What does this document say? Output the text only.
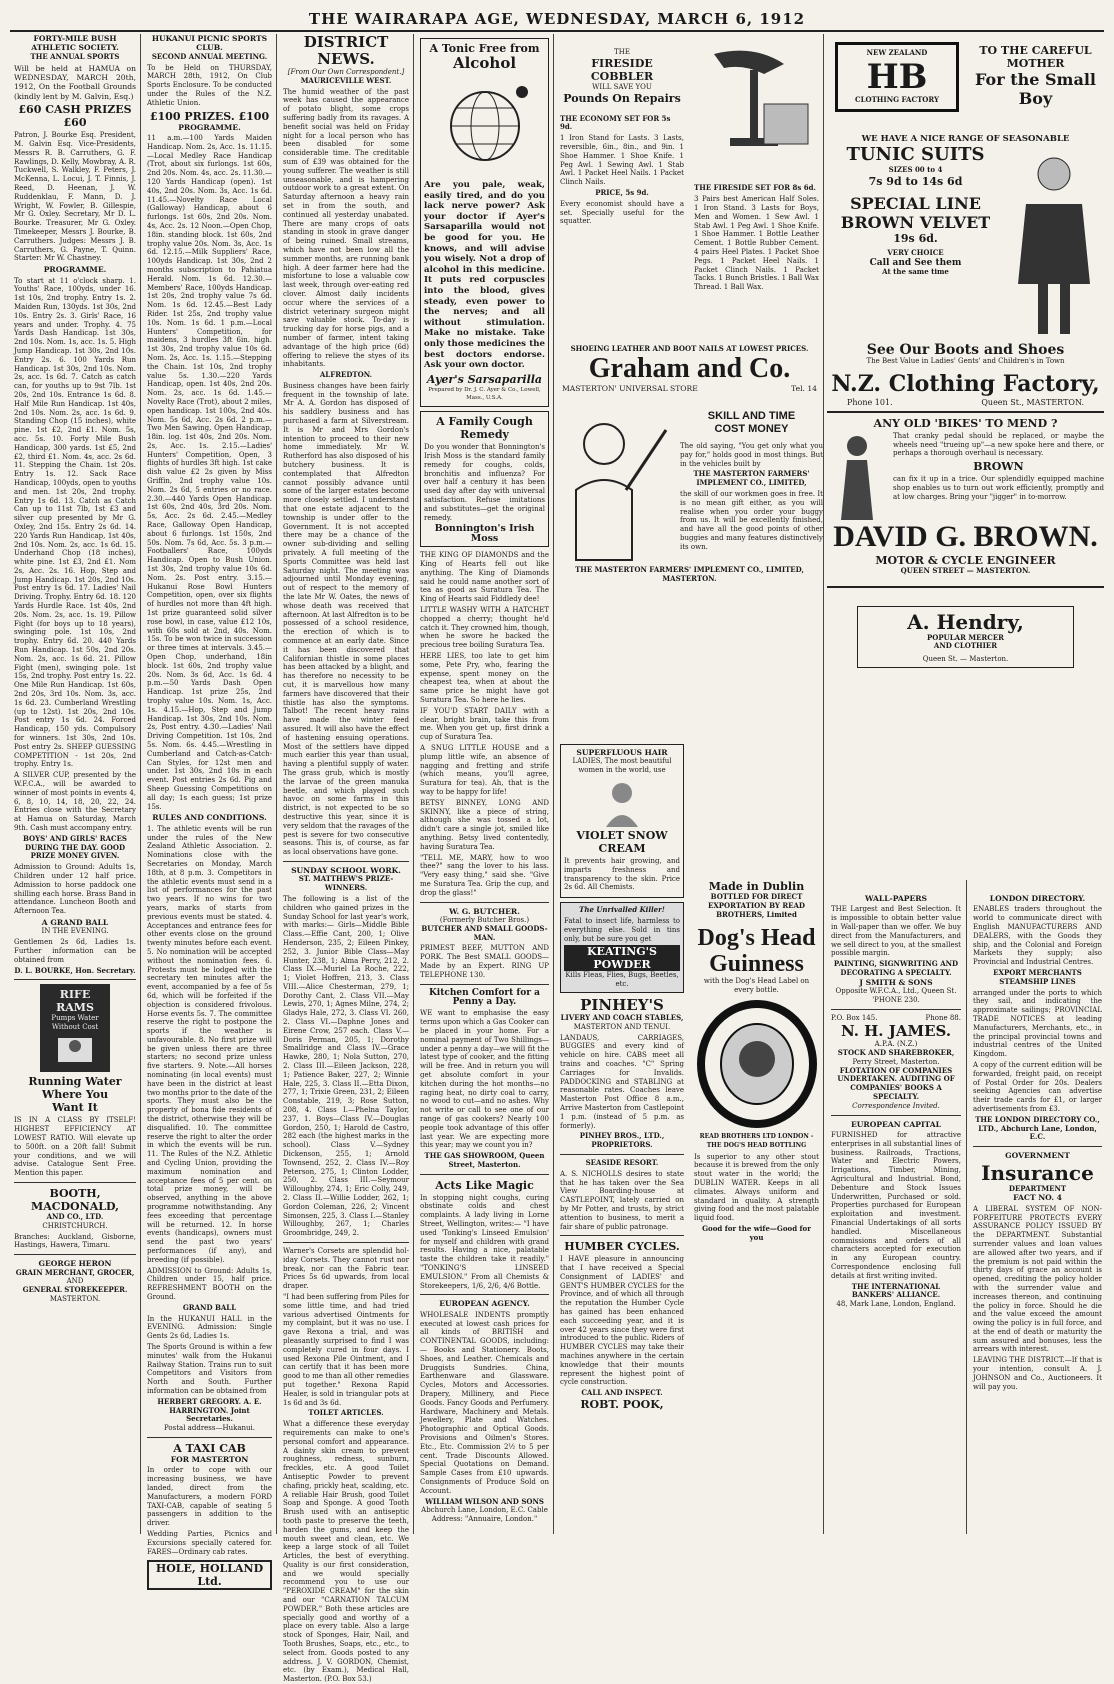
THE WAIRARAPA AGE, WEDNESDAY, MARCH 6, 1912
FORTY-MILE BUSH ATHLETIC SOCIETY.
THE ANNUAL SPORTS
Will be held at HAMUA on WEDNESDAY, MARCH 20th, 1912, On the Football Grounds (kindly lent by M. Galvin, Esq.)
£60 CASH PRIZES £60
Patron, J. Bourke Esq. President, M. Galvin Esq. Vice-Presidents, Messrs R. B. Carruthers, G. F. Rawlings, D. Kelly, Mowbray, A. R. Tuckwell, S. Walkley, F. Peters, J. McKenna, L. Locui, J. T. Finnis, J. Reed, D. Heenan, J. W. Ruddenklau, F. Mann, D. J. Wright, W. Fowler, B. Gillespie, Mr G. Oxley. Secretary, Mr D. L. Bourke. Treasurer, Mr G. Oxley. Timekeeper, Messrs J. Bourke, B. Carruthers. Judges: Messrs J. B. Carruthers, G. Payne, T. Quinn. Starter: Mr W. Chastney.
PROGRAMME.
To start at 11 o'clock sharp. 1. Youths' Race, 100yds, under 16. 1st 10s, 2nd trophy. Entry 1s. 2. Maiden Run, 130yds. 1st 30s, 2nd 10s. Entry 2s. 3. Girls' Race, 16 years and under. Trophy. 4. 75 Yards Dash Handicap. 1st 30s, 2nd 10s. Nom. 1s, acc. 1s. 5. High Jump Handicap. 1st 30s, 2nd 10s. Entry 2s. 6. 100 Yards Run Handicap. 1st 30s, 2nd 10s. Nom. 2s, acc. 1s 6d. 7. Catch as catch can, for youths up to 9st 7lb. 1st 20s, 2nd 10s. Entrance 1s 6d. 8. Half Mile Run Handicap. 1st 40s, 2nd 10s. Nom. 2s, acc. 1s 6d. 9. Standing Chop (15 inches), white pine. 1st £2, 2nd £1. Nom. 5s, acc. 5s. 10. Forty Mile Bush Handicap, 300 yards. 1st £5, 2nd £2, third £1. Nom. 4s, acc. 2s 6d. 11. Stepping the Chain. 1st 20s. Entry 1s. 12. Sack Race Handicap, 100yds, open to youths and men. 1st 20s, 2nd trophy. Entry 1s 6d. 13. Catch as Catch Can up to 11st 7lb, 1st £3 and silver cup presented by Mr G. Oxley, 2nd 15s. Entry 2s 6d. 14. 220 Yards Run Handicap, 1st 40s, 2nd 10s. Nom. 2s, acc. 1s 6d. 15. Underhand Chop (18 inches), white pine. 1st £3, 2nd £1. Nom 2s, Acc. 2s. 16. Hop, Step and Jump Handicap. 1st 20s, 2nd 10s. Post entry 1s 6d. 17. Ladies' Nail Driving. Trophy. Entry 6d. 18. 120 Yards Hurdle Race. 1st 40s, 2nd 20s. Nom. 2s, acc. 1s. 19. Pillow Fight (for boys up to 18 years), swinging pole. 1st 10s, 2nd trophy. Entry 6d. 20. 440 Yards Run Handicap. 1st 50s, 2nd 20s. Nom. 2s, acc. 1s 6d. 21. Pillow Fight (men), swinging pole. 1st 15s, 2nd trophy. Post entry 1s. 22. One Mile Run Handicap. 1st 60s, 2nd 20s, 3rd 10s. Nom. 3s, acc. 1s 6d. 23. Cumberland Wrestling (up to 12st). 1st 20s, 2nd 10s. Post entry 1s 6d. 24. Forced Handicap, 150 yds. Compulsory for winners. 1st 30s, 2nd 10s. Post entry 2s. SHEEP GUESSING COMPETITION - 1st 20s, 2nd trophy. Entry 1s.
A SILVER CUP, presented by the W.F.C.A., will be awarded to winner of most points in events 4, 6, 8, 10, 14, 18, 20, 22, 24. Entries close with the Secretary at Hamua on Saturday, March 9th. Cash must accompany entry.
BOYS' AND GIRLS' RACES DURING THE DAY. GOOD PRIZE MONEY GIVEN.
Admission to Ground: Adults 1s, Children under 12 half price. Admission to horse paddock one shilling each horse. Brass Band in attendance. Luncheon Booth and Afternoon Tea.
A GRAND BALL
IN THE EVENING.
Gentlemen 2s 6d, Ladies 1s. Further information can be obtained from
D. L. BOURKE, Hon. Secretary.
RIFE RAMS
Pumps Water Without Cost
Running Water
Where You
Want It
IS IN A CLASS BY ITSELF! HIGHEST EFFICIENCY AT LOWEST RATIO. Will elevate up to 500ft. on a 20ft fall! Submit your conditions, and we will advise. Catalogue Sent Free. Mention this paper.
BOOTH, MACDONALD,
AND CO., LTD.
CHRISTCHURCH.
Branches: Auckland, Gisborne, Hastings, Hawera, Timaru.
GEORGE HERON
GRAIN MERCHANT, GROCER,
AND
GENERAL STOREKEEPER.
MASTERTON.
HUKANUI PICNIC SPORTS CLUB.
SECOND ANNUAL MEETING.
To be Held on THURSDAY, MARCH 28th, 1912, On Club Sports Enclosure. To be conducted under the Rules of the N.Z. Athletic Union.
£100 PRIZES. £100
PROGRAMME.
11 a.m.—100 Yards Maiden Handicap. Nom. 2s, Acc. 1s. 11.15.—Local Medley Race Handicap (Trot, about six furlongs. 1st 60s, 2nd 20s. Nom. 4s, acc. 2s. 11.30.—120 Yards Handicap (open). 1st 40s, 2nd 20s. Nom. 3s, Acc. 1s 6d. 11.45.—Novelty Race Local (Galloway) Handicap, about 6 furlongs. 1st 60s, 2nd 20s. Nom. 4s, Acc. 2s. 12 Noon.—Open Chop, 18in. standing block. 1st 60s, 2nd trophy value 20s. Nom. 3s, Acc. 1s 6d. 12.15.—Milk Suppliers' Race, 100yds Handicap. 1st 30s, 2nd 2 months subscription to Pahiatua Herald. Nom. 1s 6d. 12.30.—Members' Race, 100yds Handicap. 1st 20s, 2nd trophy value 7s 6d. Nom. 1s 6d. 12.45.—Best Lady Rider. 1st 25s, 2nd trophy value 10s. Nom. 1s 6d. 1 p.m.—Local Hunters' Competition, for maidens, 3 hurdles 3ft 6in. high. 1st 30s, 2nd trophy value 10s 6d. Nom. 2s, Acc. 1s. 1.15.—Stepping the Chain. 1st 10s, 2nd trophy value 5s. 1.30.—220 Yards Handicap, open. 1st 40s, 2nd 20s. Nom. 2s, acc. 1s 6d. 1.45.—Novelty Race (Trot), about 2 miles, open handicap. 1st 100s, 2nd 40s. Nom. 5s 6d, Acc. 2s 6d. 2 p.m.—Two Men Sawing, Open Handicap, 18in. log. 1st 40s, 2nd 20s. Nom. 2s, Acc. 1s. 2.15.—Ladies' Hunters' Competition, Open, 3 flights of hurdles 3ft high. 1st cake dish value £2 2s given by Miss Griffin, 2nd trophy value 10s. Nom. 2s 6d, 5 entries or no race. 2.30.—440 Yards Open Handicap. 1st 60s, 2nd 40s, 3rd 20s. Nom. 5s, Acc. 2s 6d. 2.45.—Medley Race, Galloway Open Handicap, about 6 furlongs. 1st 150s, 2nd 50s. Nom. 7s 6d, Acc. 5s. 3 p.m.—Footballers' Race, 100yds Handicap. Open to Bush Union. 1st 30s, 2nd trophy value 10s 6d. Nom. 2s. Post entry. 3.15.—Hukanui Rose Bowl Hunters Competition, open, over six flights of hurdles not more than 4ft high. 1st prize guaranteed solid silver rose bowl, in case, value £12 10s, with 60s sold at 2nd, 40s. Nom. 15s. To be won twice in succession or three times at intervals. 3.45.—Open Chop, underhand, 18in block. 1st 60s, 2nd trophy value 20s. Nom. 3s 6d, Acc. 1s 6d. 4 p.m.—50 Yards Dash Open Handicap. 1st prize 25s, 2nd trophy value 10s. Nom. 1s, Acc. 1s. 4.15.—Hop, Step and Jump Handicap. 1st 30s, 2nd 10s. Nom. 2s, Post entry. 4.30.—Ladies' Nail Driving Competition. 1st 10s, 2nd 5s. Nom. 6s. 4.45.—Wrestling in Cumberland and Catch-as-Catch-Can Styles, for 12st men and under. 1st 30s, 2nd 10s in each event. Post entries 2s 6d. Pig and Sheep Guessing Competitions on all day; 1s each guess; 1st prize 15s.
RULES AND CONDITIONS.
1. The athletic events will be run under the rules of the New Zealand Athletic Association. 2. Nominations close with the Secretaries on Monday, March 18th, at 8 p.m. 3. Competitors in the athletic events must send in a list of performances for the past two years. If no wins for two years, marks of starts from previous events must be stated. 4. Acceptances and entrance fees for other events close on the ground twenty minutes before each event. 5. No nomination will be accepted without the nomination fees. 6. Protests must be lodged with the secretary ten minutes after the event, accompanied by a fee of 5s 6d, which will be forfeited if the objection is considered frivolous. Horse events 5s. 7. The committee reserve the right to postpone the sports if the weather is unfavourable. 8. No first prize will be given unless there are three starters; no second prize unless five starters. 9. Note.—All horses nominating (in local events) must have been in the district at least two months prior to the date of the sports. They must also be the property of bona fide residents of the district, otherwise they will be disqualified. 10. The committee reserve the right to alter the order in which the events will be run. 11. The Rules of the N.Z. Athletic and Cycling Union, providing the maximum nomination and acceptance fees of 5 per cent. on total prize money, will be observed, anything in the above programme notwithstanding. Any fees exceeding that percentage will be returned. 12. In horse events (handicaps), owners must send the past two years' performances (if any), and breeding (if possible).
ADMISSION to Ground: Adults 1s, Children under 15, half price. REFRESHMENT BOOTH on the Ground.
GRAND BALL
In the HUKANUI HALL in the EVENING. Admission: Single Gents 2s 6d, Ladies 1s.
The Sports Ground is within a few minutes' walk from the Hukanui Railway Station. Trains run to suit Competitors and Visitors from North and South. Further information can be obtained from
HERBERT GREGORY. A. E. HARRINGTON. Joint Secretaries.
Postal address—Hukanui.
A TAXI CAB
FOR MASTERTON
In order to cope with our increasing business, we have landed, direct from the Manufacturers, a modern FORD TAXI-CAB, capable of seating 5 passengers in addition to the driver.
Wedding Parties, Picnics and Excursions specially catered for. FARES—Ordinary cab rates.
HOLE, HOLLAND Ltd.
DISTRICT NEWS.
[From Our Own Correspondent.]
MAURICEVILLE WEST.
The humid weather of the past week has caused the appearance of potato blight, some crops suffering badly from its ravages. A benefit social was held on Friday night for a local person who has been disabled for some considerable time. The creditable sum of £39 was obtained for the young sufferer. The weather is still unseasonable, and is hampering outdoor work to a great extent. On Saturday afternoon a heavy rain set in from the south, and continued all yesterday unabated. There are many crops of oats standing in stook in grave danger of being ruined. Small streams, which have not been low all the summer months, are running bank high. A deer farmer here had the misfortune to lose a valuable cow last week, through over-eating red clover. Almost daily incidents occur where the services of a district veterinary surgeon might save valuable stock. To-day is trucking day for horse pigs, and a number of farmer, intent taking advantage of the high price (6d) offering to relieve the styes of its inhabitants.
ALFREDTON.
Business changes have been fairly frequent in the township of late. Mr A. A. Gordon has disposed of his saddlery business and has purchased a farm at Silverstream. It is Mr and Mrs Gordon's intention to proceed to their new home immediately. Mr W. Rutherford has also disposed of his butchery business. It is contemplated that Alfredton cannot possibly advance until some of the larger estates become more closely settled. I understand that one estate adjacent to the township is under offer to the Government. It is not accepted there may be a chance of the owner sub-dividing and selling privately. A full meeting of the Sports Committee was held last Saturday night. The meeting was adjourned until Monday evening, out of respect to the memory of the late Mr W. Oates, the news of whose death was received that afternoon. At last Alfredton is to be possessed of a school residence, the erection of which is to commence at an early date. Since it has been discovered that Californian thistle in some places has been attacked by a blight, and has therefore no necessity to be cut, it is marvellous how many farmers have discovered that their thistle has also the symptoms. Talbot! The recent heavy rains have made the winter feed assured. It will also have the effect of hastening ensuing operations. Most of the settlers have dipped much earlier this year than usual, having a plentiful supply of water. The grass grub, which is mostly the larvae of the green manuka beetle, and which played such havoc on some farms in this district, is not expected to be so destructive this year, since it is very seldom that the ravages of the pest is severe for two consecutive seasons. This is, of course, as far as local observations have gone.
SUNDAY SCHOOL WORK.
ST. MATTHEW'S PRIZE-WINNERS.
The following is a list of the children who gained prizes in the Sunday School for last year's work, with marks:— Girls—Middle Bible Class.—Effie Cant, 200, 1; Olive Henderson, 235, 2; Eileen Pinkey, 252, 3. Junior Bible Class—May Hunter, 238, 1; Alma Perry, 212, 2. Class IX.—Muriel La Roche, 222, 1; Violet Hoffren, 213, 3. Class VIII.—Alice Chesterman, 279, 1; Dorothy Cant, 2. Class VII.—May Lewis, 270, 1; Agnes Milne, 274, 2; Gladys Hale, 272, 3. Class VI. 260, 2. Class VI.—Daphne Jones and Eirene Crow, 257 each. Class V.—Doris Perman, 205, 1; Dorothy Smallridge and Class IV.—Grace Hawke, 280, 1; Nola Sutton, 270, 2. Class III.—Eileen Jackson, 228, 1; Patience Baker, 227, 2; Winnie Hale, 225, 3. Class II.—Etta Dixon, 277, 1; Trixie Green, 231, 2; Eileen Constable, 219, 3; Rose Sutton, 208, 4. Class I.—Phelna Taylor, 237, 1. Boys—Class IV.—Douglas Gordon, 250, 1; Harold de Castro, 282 each (the highest marks in the school). Class V.—Sydney Dickenson, 255, 1; Arnold Townsend, 252, 2. Class IV.—Roy Peterson, 275, 1; Clinton Lodder, 250, 2. Class III.—Seymour Willoughby, 274, 1; Eric Colly, 249, 2. Class II.—Willie Lodder, 262, 1; Gordon Coleman, 226, 2; Vincent Simonsen, 225, 3. Class I.—Stanley Willoughby, 267, 1; Charles Groombridge, 249, 2.
Warner's Corsets are splendid hol-iday Corsets. They cannot rust nor break, nor can the Fabric tear. Prices 5s 6d upwards, from local draper.
"I had been suffering from Piles for some little time, and had tried various advertised Ointments for my complaint, but it was no use. I gave Rexona a trial, and was pleasantly surprised to find I was completely cured in four days. I used Rexona Pile Ointment, and I can certify that it has been more good to me than all other remedies put together." Rexona Rapid Healer, is sold in triangular pots at 1s 6d and 3s 6d.
TOILET ARTICLES.
What a difference these everyday requirements can make to one's personal comfort and appearance. A dainty skin cream to prevent roughness, redness, sunburn, freckles, etc. A good Toilet Antiseptic Powder to prevent chafing, prickly heat, scalding, etc. A reliable Hair Brush, good Toilet Soap and Sponge. A good Tooth Brush used with an antiseptic tooth paste to preserve the teeth, harden the gums, and keep the mouth sweet and clean, etc. We keep a large stock of all Toilet Articles, the best of everything. Quality is our first consideration, and we would specially recommend you to use our "PEROXIDE CREAM" for the skin and our "CARNATION TALCUM POWDER." Both these articles are specially good and worthy of a place on every table. Also a large stock of Sponges, Hair, Nail, and Tooth Brushes, Soaps, etc., etc., to select from. Goods posted to any address. J. V. GORDON, Chemist, etc. (by Exam.), Medical Hall, Masterton. (P.O. Box 53.)
A Tonic Free from
Alcohol
Are you pale, weak, easily tired, and do you lack nerve power? Ask your doctor if Ayer's Sarsaparilla would not be good for you. He knows, and will advise you wisely. Not a drop of alcohol in this medicine. It puts red corpuscles into the blood, gives steady, even power to the nerves; and all without stimulation. Make no mistake. Take only those medicines the best doctors endorse. Ask your own doctor.
Ayer's Sarsaparilla
Prepared by Dr. J. C. Ayer & Co., Lowell, Mass., U.S.A.
A Family Cough Remedy
Do you wonder that Bonnington's Irish Moss is the standard family remedy for coughs, colds, bronchitis and influenza? For over half a century it has been used day after day with universal satisfaction. Refuse imitations and substitutes—get the original remedy.
Bonnington's Irish Moss
THE KING OF DIAMONDS and the King of Hearts fell out like anything. The King of Diamonds said he could name another sort of tea as good as Suratura Tea. The King of Hearts said Fiddledy dee!
LITTLE WASHY WITH A HATCHET chopped a cherry; thought he'd catch it. They crowned him, though, when he swore he backed the precious tree boiling Suratura Tea.
HERE LIES, too late to get him some, Pete Pry, who, fearing the expense, spent money on the cheapest tea, when at about the same price he might have got Suratura Tea. So here he lies.
IF YOU'D START DAILY with a clear, bright brain, take this from me. When you get up, first drink a cup of Suratura Tea.
A SNUG LITTLE HOUSE and a plump little wife, an absence of nagging and fretting and strife (which means, you'll agree, Suratura for tea). Ah, that is the way to be happy for life!
BETSY BINNEY, LONG AND SKINNY, like a piece of string, although she was tossed a lot, didn't care a single jot, smiled like anything. Betsy lived contentedly, having Suratura Tea.
"TELL ME, MARY, how to woo thee?" sang the lover to his lass. "Very easy thing," said she. "Give me Suratura Tea. Grip the cup, and drop the glass!"
W. G. BUTCHER.
(Formerly Butcher Bros.)
BUTCHER AND SMALL GOODS-MAN.
PRIMEST BEEF, MUTTON AND PORK. The Best SMALL GOODS—Made by an Expert. RING UP TELEPHONE 130.
Kitchen Comfort for a Penny a Day.
WE want to emphasise the easy terms upon which a Gas Cooker can be placed in your home. For a nominal payment of Two Shillings—under a penny a day—we will fit the latest type of cooker, and the fitting will be free. And in return you will get absolute comfort in your kitchen during the hot months—no raging heat, no dirty coal to carry, no wood to cut—and no ashes. Why not write or call to see one of our range of gas cookers? Nearly 100 people took advantage of this offer last year. We are expecting more this year; may we count you in?
THE GAS SHOWROOM, Queen Street, Masterton.
Acts Like Magic
In stopping night coughs, curing obstinate colds and chest complaints. A lady living in Lorne Street, Wellington, writes:— "I have used 'Tonking's Linseed Emulsion' for myself and children with grand results. Having a nice, palatable taste the children take it readily." "TONKING'S LINSEED EMULSION." From all Chemists & Storekeepers, 1/6, 2/6, 4/6 Bottle.
EUROPEAN AGENCY.
WHOLESALE INDENTS promptly executed at lowest cash prices for all kinds of BRITISH and CONTINENTAL GOODS, including:— Books and Stationery. Boots, Shoes, and Leather. Chemicals and Druggists Sundries. China, Earthenware and Glassware. Cycles, Motors and Accessories. Drapery, Millinery, and Piece Goods. Fancy Goods and Perfumery. Hardware, Machinery and Metals. Jewellery, Plate and Watches. Photographic and Optical Goods. Provisions and Oilmen's Stores. Etc., Etc. Commission 2½ to 5 per cent. Trade Discounts Allowed. Special Quotations on Demand. Sample Cases from £10 upwards. Consignments of Produce Sold on Account.
WILLIAM WILSON AND SONS
Abchurch Lane, London, E.C. Cable Address: "Annuaire, London."
THE
FIRESIDE
COBBLER
WILL SAVE YOU
Pounds On Repairs
THE ECONOMY SET FOR 5s 9d.
1 Iron Stand for Lasts. 3 Lasts, reversible, 6in., 8in., and 9in. 1 Shoe Hammer. 1 Shoe Knife. 1 Peg Awl. 1 Sewing Awl. 1 Stab Awl. 1 Packet Heel Nails. 1 Packet Clinch Nails.
PRICE, 5s 9d.
Every economist should have a set. Specially useful for the squatter.
SHOEING LEATHER AND BOOT NAILS AT LOWEST PRICES.
Graham and Co.
MASTERTON' UNIVERSAL STORE	Tel. 14
THE FIRESIDE SET FOR 8s 6d.
3 Pairs best American Half Soles. 1 Iron Stand. 3 Lasts for Boys, Men and Women. 1 Sew Awl. 1 Stab Awl. 1 Peg Awl. 1 Shoe Knife. 1 Shoe Hammer. 1 Bottle Leather Cement. 1 Bottle Rubber Cement. 4 pairs Heel Plates. 1 Packet Shoe Pegs. 1 Packet Heel Nails. 1 Packet Clinch Nails. 1 Packet Tacks. 1 Bunch Bristles. 1 Ball Wax Thread. 1 Ball Wax.
SKILL AND TIME
COST MONEY
The old saying, "You get only what you pay for," holds good in most things. But in the vehicles built by
THE MASTERTON FARMERS' IMPLEMENT CO., LIMITED,
the skill of our workmen goes in free. It is no mean gift either, as you will realise when you order your buggy from us. It will be excellently finished, and have all the good points of other buggies and many features distinctively its own.
THE MASTERTON FARMERS' IMPLEMENT CO., LIMITED, MASTERTON.
SUPERFLUOUS HAIR
LADIES, The most beautiful women in the world, use
VIOLET SNOW CREAM
It prevents hair growing, and imparts freshness and transparency to the skin. Price 2s 6d. All Chemists.
The Unrivalled Killer!
Fatal to insect life, harmless to everything else. Sold in tins only, but be sure you get
KEATING'S POWDER
Kills Fleas, Flies, Bugs, Beetles, etc.
PINHEY'S
LIVERY AND COACH STABLES,
MASTERTON AND TENUI.
LANDAUS, CARRIAGES, BUGGIES and every kind of vehicle on hire. CABS meet all trains and coaches. "C" Spring Carriages for Invalids. PADDOCKING and STABLING at reasonable rates. Coaches leave Masterton Post Office 8 a.m., Arrive Masterton from Castlepoint 1 p.m. (instead of 5 p.m. as formerly).
PINHEY BROS., LTD., PROPRIETORS.
SEASIDE RESORT.
A. S. NICHOLLS desires to state that he has taken over the Sea View Boarding-house at CASTLEPOINT, lately carried on by Mr Potter, and trusts, by strict attention to business, to merit a fair share of public patronage.
HUMBER CYCLES.
I HAVE pleasure in announcing that I have received a Special Consignment of LADIES' and GENT'S HUMBER CYCLES for the Province, and of which all through the reputation the Humber Cycle has gained has been enhanced each succeeding year, and it is over 42 years since they were first introduced to the public. Riders of HUMBER CYCLES may take their machines anywhere in the certain knowledge that their mounts represent the highest point of cycle construction.
CALL AND INSPECT.
ROBT. POOK,
Made in Dublin
BOTTLED FOR DIRECT EXPORTATION BY READ BROTHERS, Limited
Dog's Head
Guinness
with the Dog's Head Label on every bottle.
READ BROTHERS LTD LONDON - THE DOG'S HEAD BOTTLING
Is superior to any other stout because it is brewed from the only stout water in the world; the DUBLIN WATER. Keeps in all climates. Always uniform and standard in quality. A strength giving food and the most palatable liquid food.
Good for the wife—Good for you
NEW ZEALAND
HB
CLOTHING FACTORY
TO THE CAREFUL
MOTHER
For the Small Boy
WE HAVE A NICE RANGE OF SEASONABLE
TUNIC SUITS
SIZES 00 to 4
7s 9d to 14s 6d
SPECIAL LINE
BROWN VELVET
19s 6d.
VERY CHOICE
Call and See them
At the same time
See Our Boots and Shoes
The Best Value in Ladies' Gents' and Children's in Town
N.Z. Clothing Factory,
Phone 101.	Queen St., MASTERTON.
ANY OLD 'BIKES' TO MEND ?
That cranky pedal should be replaced, or maybe the wheels need "trueing up"—a new spoke here and there, or perhaps a thorough overhaul is necessary.
BROWN
can fix it up in a trice. Our splendidly equipped machine shop enables us to turn out work efficiently, promptly and at low charges. Bring your "jigger" in to-morrow.
DAVID G. BROWN.
MOTOR & CYCLE ENGINEER
QUEEN STREET — MASTERTON.
A. Hendry,
POPULAR MERCER
AND CLOTHIER
Queen St. — Masterton.
WALL-PAPERS
THE Largest and Best Selection. It is impossible to obtain better value in Wall-paper than we offer. We buy direct from the Manufacturers, and we sell direct to you, at the smallest possible margin.
PAINTING, SIGNWRITING AND DECORATING A SPECIALTY.
J SMITH & SONS
Opposite W.F.C.A., Ltd., Queen St. 'PHONE 230.
P.O. Box 145.	Phone 88.
N. H. JAMES.
A.P.A. (N.Z.)
STOCK AND SHAREBROKER,
Perry Street, Masterton.
FLOTATION OF COMPANIES UNDERTAKEN. AUDITING OF COMPANIES' BOOKS A SPECIALTY.
Correspondence Invited.
EUROPEAN CAPITAL
FURNISHED for attractive enterprises in all substantial lines of business. Railroads, Tractions, Water and Electric Powers, Irrigations, Timber, Mining, Agricultural and Industrial. Bond, Debenture and Stock Issues Underwritten, Purchased or sold. Properties purchased for European exploitation and investment. Financial Undertakings of all sorts handled. Miscellaneous commissions and orders of all characters accepted for execution in any European country. Correspondence enclosing full details at first writing invited.
THE INTERNATIONAL BANKERS' ALLIANCE.
48, Mark Lane, London, England.
LONDON DIRECTORY.
ENABLES traders throughout the world to communicate direct with English MANUFACTURERS AND DEALERS, with the Goods they ship, and the Colonial and Foreign Markets they supply; also Provincial and Industrial Centres.
EXPORT MERCHANTS
STEAMSHIP LINES
arranged under the ports to which they sail, and indicating the approximate sailings; PROVINCIAL TRADE NOTICES at leading Manufacturers, Merchants, etc., in the principal provincial towns and industrial centres of the United Kingdom.
A copy of the current edition will be forwarded, freight paid, on receipt of Postal Order for 20s. Dealers seeking Agencies can advertise their trade cards for £1, or larger advertisements from £3.
THE LONDON DIRECTORY CO., LTD., Abchurch Lane, London, E.C.
GOVERNMENT
Insurance
DEPARTMENT
FACT NO. 4
A LIBERAL SYSTEM OF NON-FORFEITURE PROTECTS EVERY ASSURANCE POLICY ISSUED BY the DEPARTMENT. Substantial surrender values and loan values are allowed after two years, and if the premium is not paid within the thirty days of grace an account is opened, crediting the policy holder with the surrender value and increases thereon, and continuing the policy in force. Should he die and the value exceed the amount owing the policy is in full force, and at the end of death or maturity the sum assured and bonuses, less the arrears with interest.
LEAVING THE DISTRICT.—If that is your intention, consult A. J. JOHNSON and Co., Auctioneers. It will pay you.
